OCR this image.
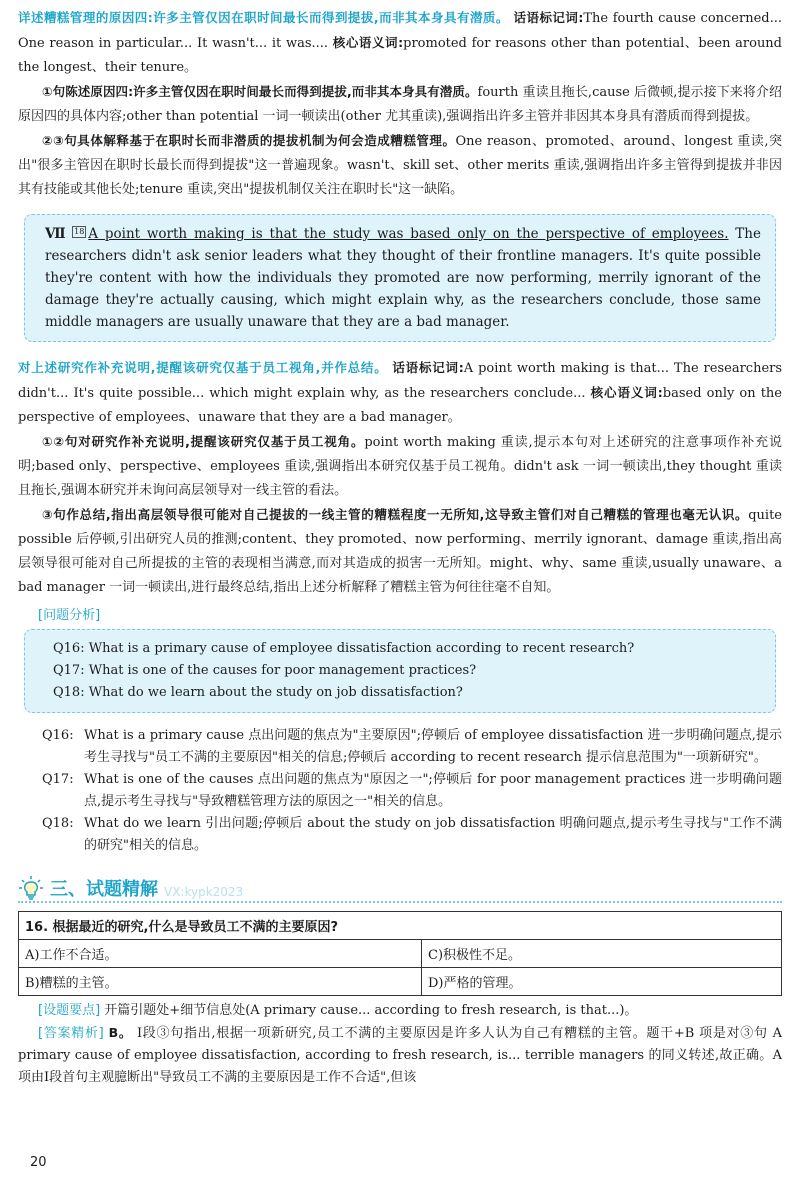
详述糟糕管理的原因四:许多主管仅因在职时间最长而得到提拔,而非其本身具有潜质。 话语标记词:The fourth cause concerned... One reason in particular... It wasn't... it was.... 核心语义词:promoted for reasons other than potential、been around the longest、their tenure。

①句陈述原因四:许多主管仅因在职时间最长而得到提拔,而非其本身具有潜质。fourth 重读且拖长,cause 后微顿,提示接下来将介绍原因四的具体内容;other than potential 一词一顿读出(other 尤其重读),强调指出许多主管并非因其本身具有潜质而得到提拔。

②③句具体解释基于在职时长而非潜质的提拔机制为何会造成糟糕管理。One reason、promoted、around、longest 重读,突出"很多主管因在职时长最长而得到提拔"这一普遍现象。wasn't、skill set、other merits 重读,强调指出许多主管得到提拔并非因其有技能或其他长处;tenure 重读,突出"提拔机制仅关注在职时长"这一缺陷。

Ⅶ 18 A point worth making is that the study was based only on the perspective of employees. The researchers didn't ask senior leaders what they thought of their frontline managers. It's quite possible they're content with how the individuals they promoted are now performing, merrily ignorant of the damage they're actually causing, which might explain why, as the researchers conclude, those same middle managers are usually unaware that they are a bad manager.

对上述研究作补充说明,提醒该研究仅基于员工视角,并作总结。 话语标记词:A point worth making is that... The researchers didn't... It's quite possible... which might explain why, as the researchers conclude... 核心语义词:based only on the perspective of employees、unaware that they are a bad manager。

①②句对研究作补充说明,提醒该研究仅基于员工视角。point worth making 重读,提示本句对上述研究的注意事项作补充说明;based only、perspective、employees 重读,强调指出本研究仅基于员工视角。didn't ask 一词一顿读出,they thought 重读且拖长,强调本研究并未询问高层领导对一线主管的看法。

③句作总结,指出高层领导很可能对自己提拔的一线主管的糟糕程度一无所知,这导致主管们对自己糟糕的管理也毫无认识。quite possible 后停顿,引出研究人员的推测;content、they promoted、now performing、merrily ignorant、damage 重读,指出高层领导很可能对自己所提拔的主管的表现相当满意,而对其造成的损害一无所知。might、why、same 重读,usually unaware、a bad manager 一词一顿读出,进行最终总结,指出上述分析解释了糟糕主管为何往往毫不自知。

[问题分析]
Q16: What is a primary cause of employee dissatisfaction according to recent research?
Q17: What is one of the causes for poor management practices?
Q18: What do we learn about the study on job dissatisfaction?
Q16: What is a primary cause 点出问题的焦点为"主要原因";停顿后 of employee dissatisfaction 进一步明确问题点,提示考生寻找与"员工不满的主要原因"相关的信息;停顿后 according to recent research 提示信息范围为"一项新研究"。
Q17: What is one of the causes 点出问题的焦点为"原因之一";停顿后 for poor management practices 进一步明确问题点,提示考生寻找与"导致糟糕管理方法的原因之一"相关的信息。
Q18: What do we learn 引出问题;停顿后 about the study on job dissatisfaction 明确问题点,提示考生寻找与"工作不满的研究"相关的信息。
三、试题精解 VX:kypk2023
16. 根据最近的研究,什么是导致员工不满的主要原因?	
A)工作不合适。	C)积极性不足。
B)糟糕的主管。	D)严格的管理。

[设题要点] 开篇引题处+细节信息处(A primary cause... according to fresh research, is that...)。

[答案精析] B。 Ⅰ段③句指出,根据一项新研究,员工不满的主要原因是许多人认为自己有糟糕的主管。题干+B 项是对③句 A primary cause of employee dissatisfaction, according to fresh research, is... terrible managers 的同义转述,故正确。A 项由Ⅰ段首句主观臆断出"导致员工不满的主要原因是工作不合适",但该

20
